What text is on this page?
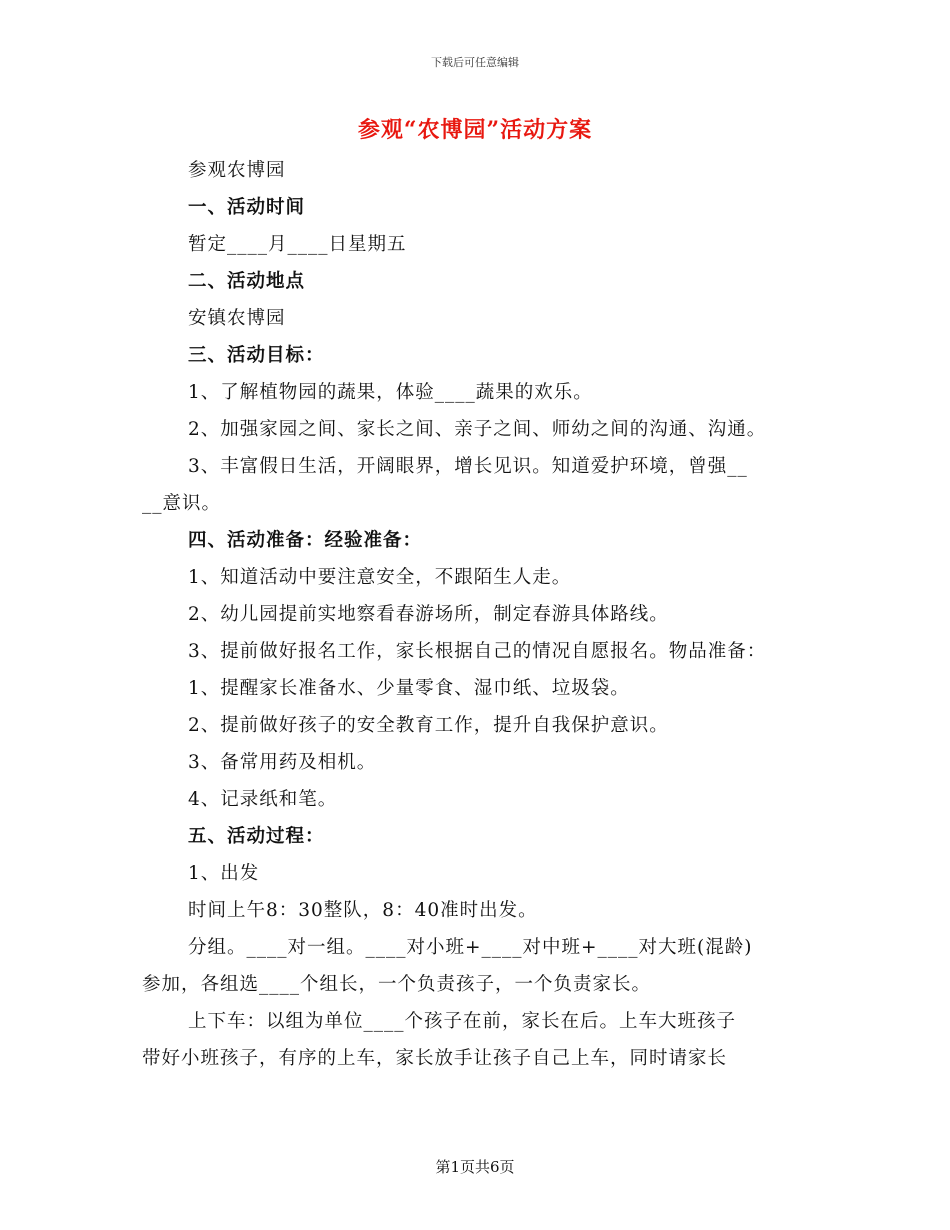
下载后可任意编辑
参观“农博园”活动方案
参观农博园
一、活动时间
暂定____月____日星期五
二、活动地点
安镇农博园
三、活动目标：
1、了解植物园的蔬果，体验____蔬果的欢乐。
2、加强家园之间、家长之间、亲子之间、师幼之间的沟通、沟通。
3、丰富假日生活，开阔眼界，增长见识。知道爱护环境，曾强__
__意识。
四、活动准备：经验准备：
1、知道活动中要注意安全，不跟陌生人走。
2、幼儿园提前实地察看春游场所，制定春游具体路线。
3、提前做好报名工作，家长根据自己的情况自愿报名。物品准备：
1、提醒家长准备水、少量零食、湿巾纸、垃圾袋。
2、提前做好孩子的安全教育工作，提升自我保护意识。
3、备常用药及相机。
4、记录纸和笔。
五、活动过程：
1、出发
时间上午8：30整队，8：40准时出发。
分组。____对一组。____对小班+____对中班+____对大班(混龄)
参加，各组选____个组长，一个负责孩子，一个负责家长。
上下车：以组为单位____个孩子在前，家长在后。上车大班孩子
带好小班孩子，有序的上车，家长放手让孩子自己上车，同时请家长
第1页共6页
